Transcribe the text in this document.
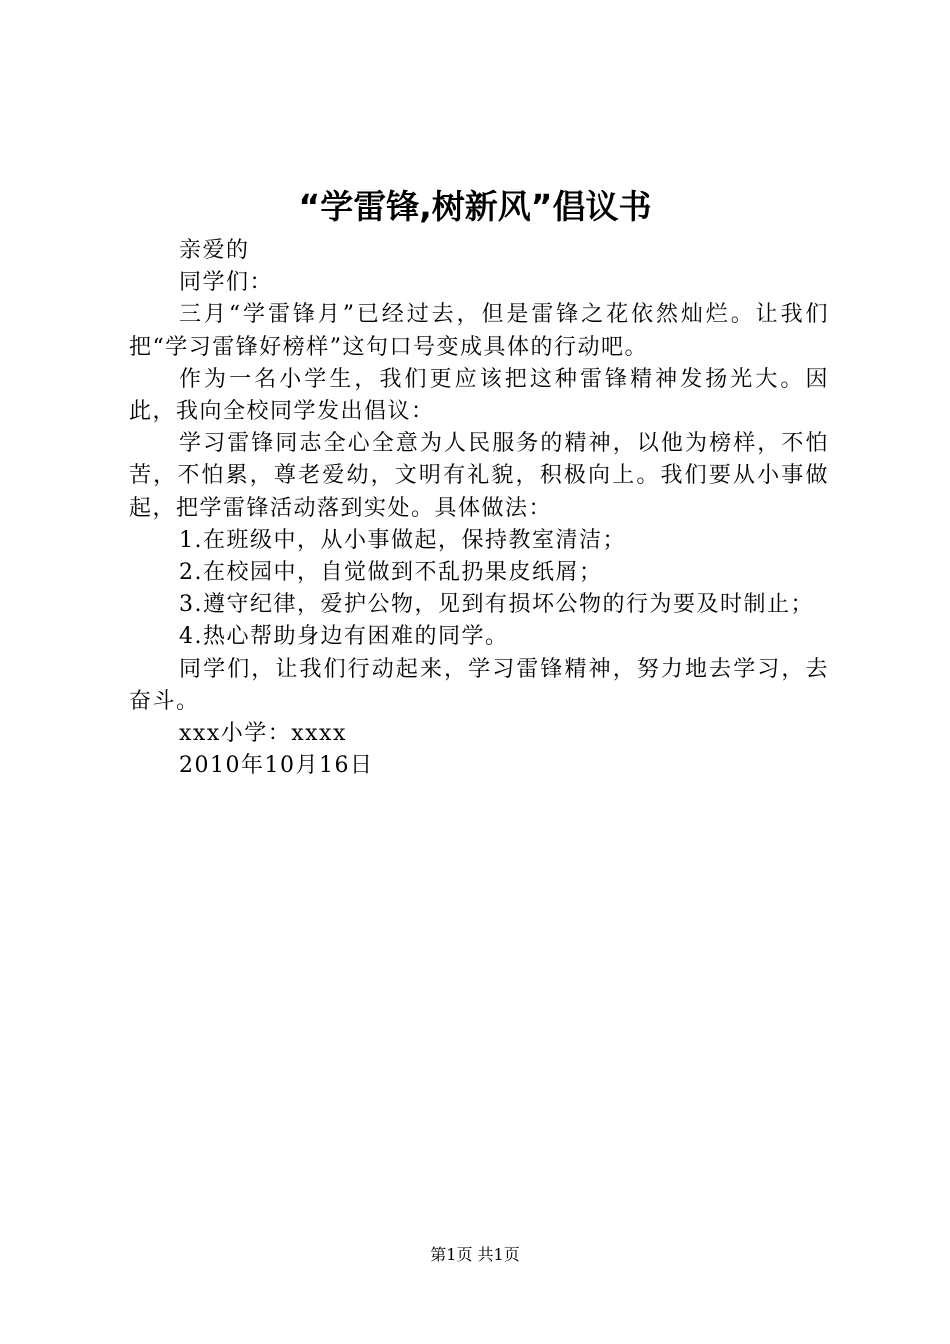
“学雷锋,树新风”倡议书

亲爱的

同学们：

三月“学雷锋月”已经过去，但是雷锋之花依然灿烂。让我们把“学习雷锋好榜样”这句口号变成具体的行动吧。

作为一名小学生，我们更应该把这种雷锋精神发扬光大。因此，我向全校同学发出倡议：

学习雷锋同志全心全意为人民服务的精神，以他为榜样，不怕苦，不怕累，尊老爱幼，文明有礼貌，积极向上。我们要从小事做起，把学雷锋活动落到实处。具体做法：

1.在班级中，从小事做起，保持教室清洁；

2.在校园中，自觉做到不乱扔果皮纸屑；

3.遵守纪律，爱护公物，见到有损坏公物的行为要及时制止；

4.热心帮助身边有困难的同学。

同学们，让我们行动起来，学习雷锋精神，努力地去学习，去奋斗。

xxx小学：xxxx

2010年10月16日

第1页 共1页
